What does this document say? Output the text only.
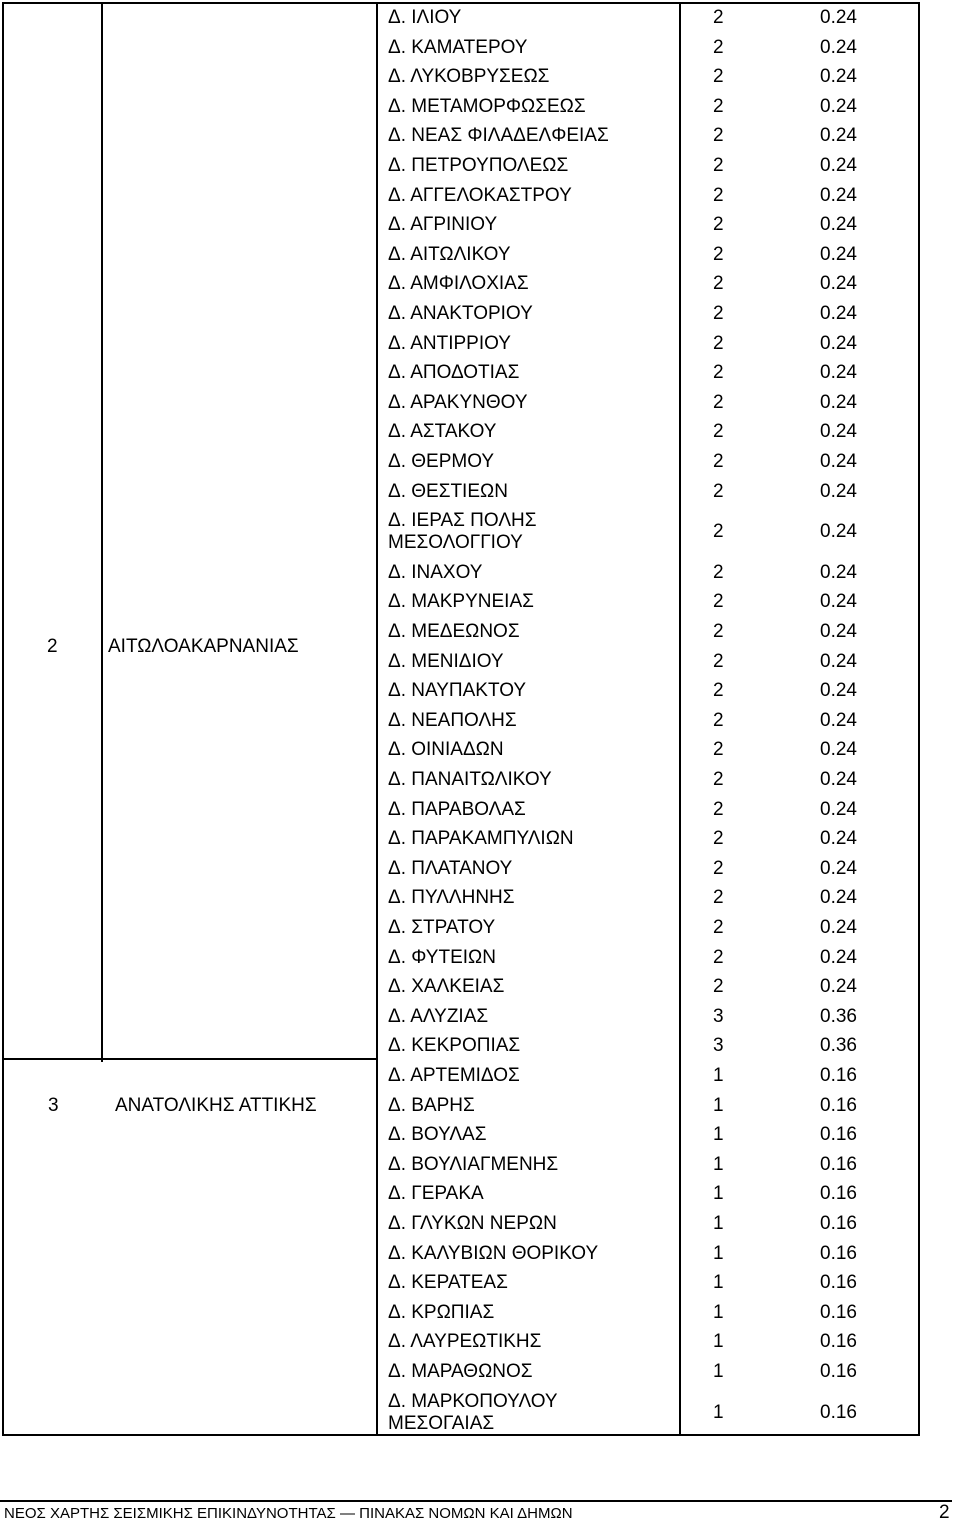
2	ΑΙΤΩΛΟΑΚΑΡΝΑΝΙΑΣ
3	ΑΝΑΤΟΛΙΚΗΣ ΑΤΤΙΚΗΣ
Δ. ΙΛΙΟΥ	2	0.24
Δ. ΚΑΜΑΤΕΡΟΥ	2	0.24
Δ. ΛΥΚΟΒΡΥΣΕΩΣ	2	0.24
Δ. ΜΕΤΑΜΟΡΦΩΣΕΩΣ	2	0.24
Δ. ΝΕΑΣ ΦΙΛΑΔΕΛΦΕΙΑΣ	2	0.24
Δ. ΠΕΤΡΟΥΠΟΛΕΩΣ	2	0.24
Δ. ΑΓΓΕΛΟΚΑΣΤΡΟΥ	2	0.24
Δ. ΑΓΡΙΝΙΟΥ	2	0.24
Δ. ΑΙΤΩΛΙΚΟΥ	2	0.24
Δ. ΑΜΦΙΛΟΧΙΑΣ	2	0.24
Δ. ΑΝΑΚΤΟΡΙΟΥ	2	0.24
Δ. ΑΝΤΙΡΡΙΟΥ	2	0.24
Δ. ΑΠΟΔΟΤΙΑΣ	2	0.24
Δ. ΑΡΑΚΥΝΘΟΥ	2	0.24
Δ. ΑΣΤΑΚΟΥ	2	0.24
Δ. ΘΕΡΜΟΥ	2	0.24
Δ. ΘΕΣΤΙΕΩΝ	2	0.24
Δ. ΙΕΡΑΣ ΠΟΛΗΣ
ΜΕΣΟΛΟΓΓΙΟΥ
2	0.24
Δ. ΙΝΑΧΟΥ	2	0.24
Δ. ΜΑΚΡΥΝΕΙΑΣ	2	0.24
Δ. ΜΕΔΕΩΝΟΣ	2	0.24
Δ. ΜΕΝΙΔΙΟΥ	2	0.24
Δ. ΝΑΥΠΑΚΤΟΥ	2	0.24
Δ. ΝΕΑΠΟΛΗΣ	2	0.24
Δ. ΟΙΝΙΑΔΩΝ	2	0.24
Δ. ΠΑΝΑΙΤΩΛΙΚΟΥ	2	0.24
Δ. ΠΑΡΑΒΟΛΑΣ	2	0.24
Δ. ΠΑΡΑΚΑΜΠΥΛΙΩΝ	2	0.24
Δ. ΠΛΑΤΑΝΟΥ	2	0.24
Δ. ΠΥΛΛΗΝΗΣ	2	0.24
Δ. ΣΤΡΑΤΟΥ	2	0.24
Δ. ΦΥΤΕΙΩΝ	2	0.24
Δ. ΧΑΛΚΕΙΑΣ	2	0.24
Δ. ΑΛΥΖΙΑΣ	3	0.36
Δ. ΚΕΚΡΟΠΙΑΣ	3	0.36
Δ. ΑΡΤΕΜΙΔΟΣ	1	0.16
Δ. ΒΑΡΗΣ	1	0.16
Δ. ΒΟΥΛΑΣ	1	0.16
Δ. ΒΟΥΛΙΑΓΜΕΝΗΣ	1	0.16
Δ. ΓΕΡΑΚΑ	1	0.16
Δ. ΓΛΥΚΩΝ ΝΕΡΩΝ	1	0.16
Δ. ΚΑΛΥΒΙΩΝ ΘΟΡΙΚΟΥ	1	0.16
Δ. ΚΕΡΑΤΕΑΣ	1	0.16
Δ. ΚΡΩΠΙΑΣ	1	0.16
Δ. ΛΑΥΡΕΩΤΙΚΗΣ	1	0.16
Δ. ΜΑΡΑΘΩΝΟΣ	1	0.16
Δ. ΜΑΡΚΟΠΟΥΛΟΥ
ΜΕΣΟΓΑΙΑΣ
1	0.16
ΝΕΟΣ ΧΑΡΤΗΣ ΣΕΙΣΜΙΚΗΣ ΕΠΙΚΙΝΔΥΝΟΤΗΤΑΣ ― ΠΙΝΑΚΑΣ ΝΟΜΩΝ ΚΑΙ ΔΗΜΩΝ	2
